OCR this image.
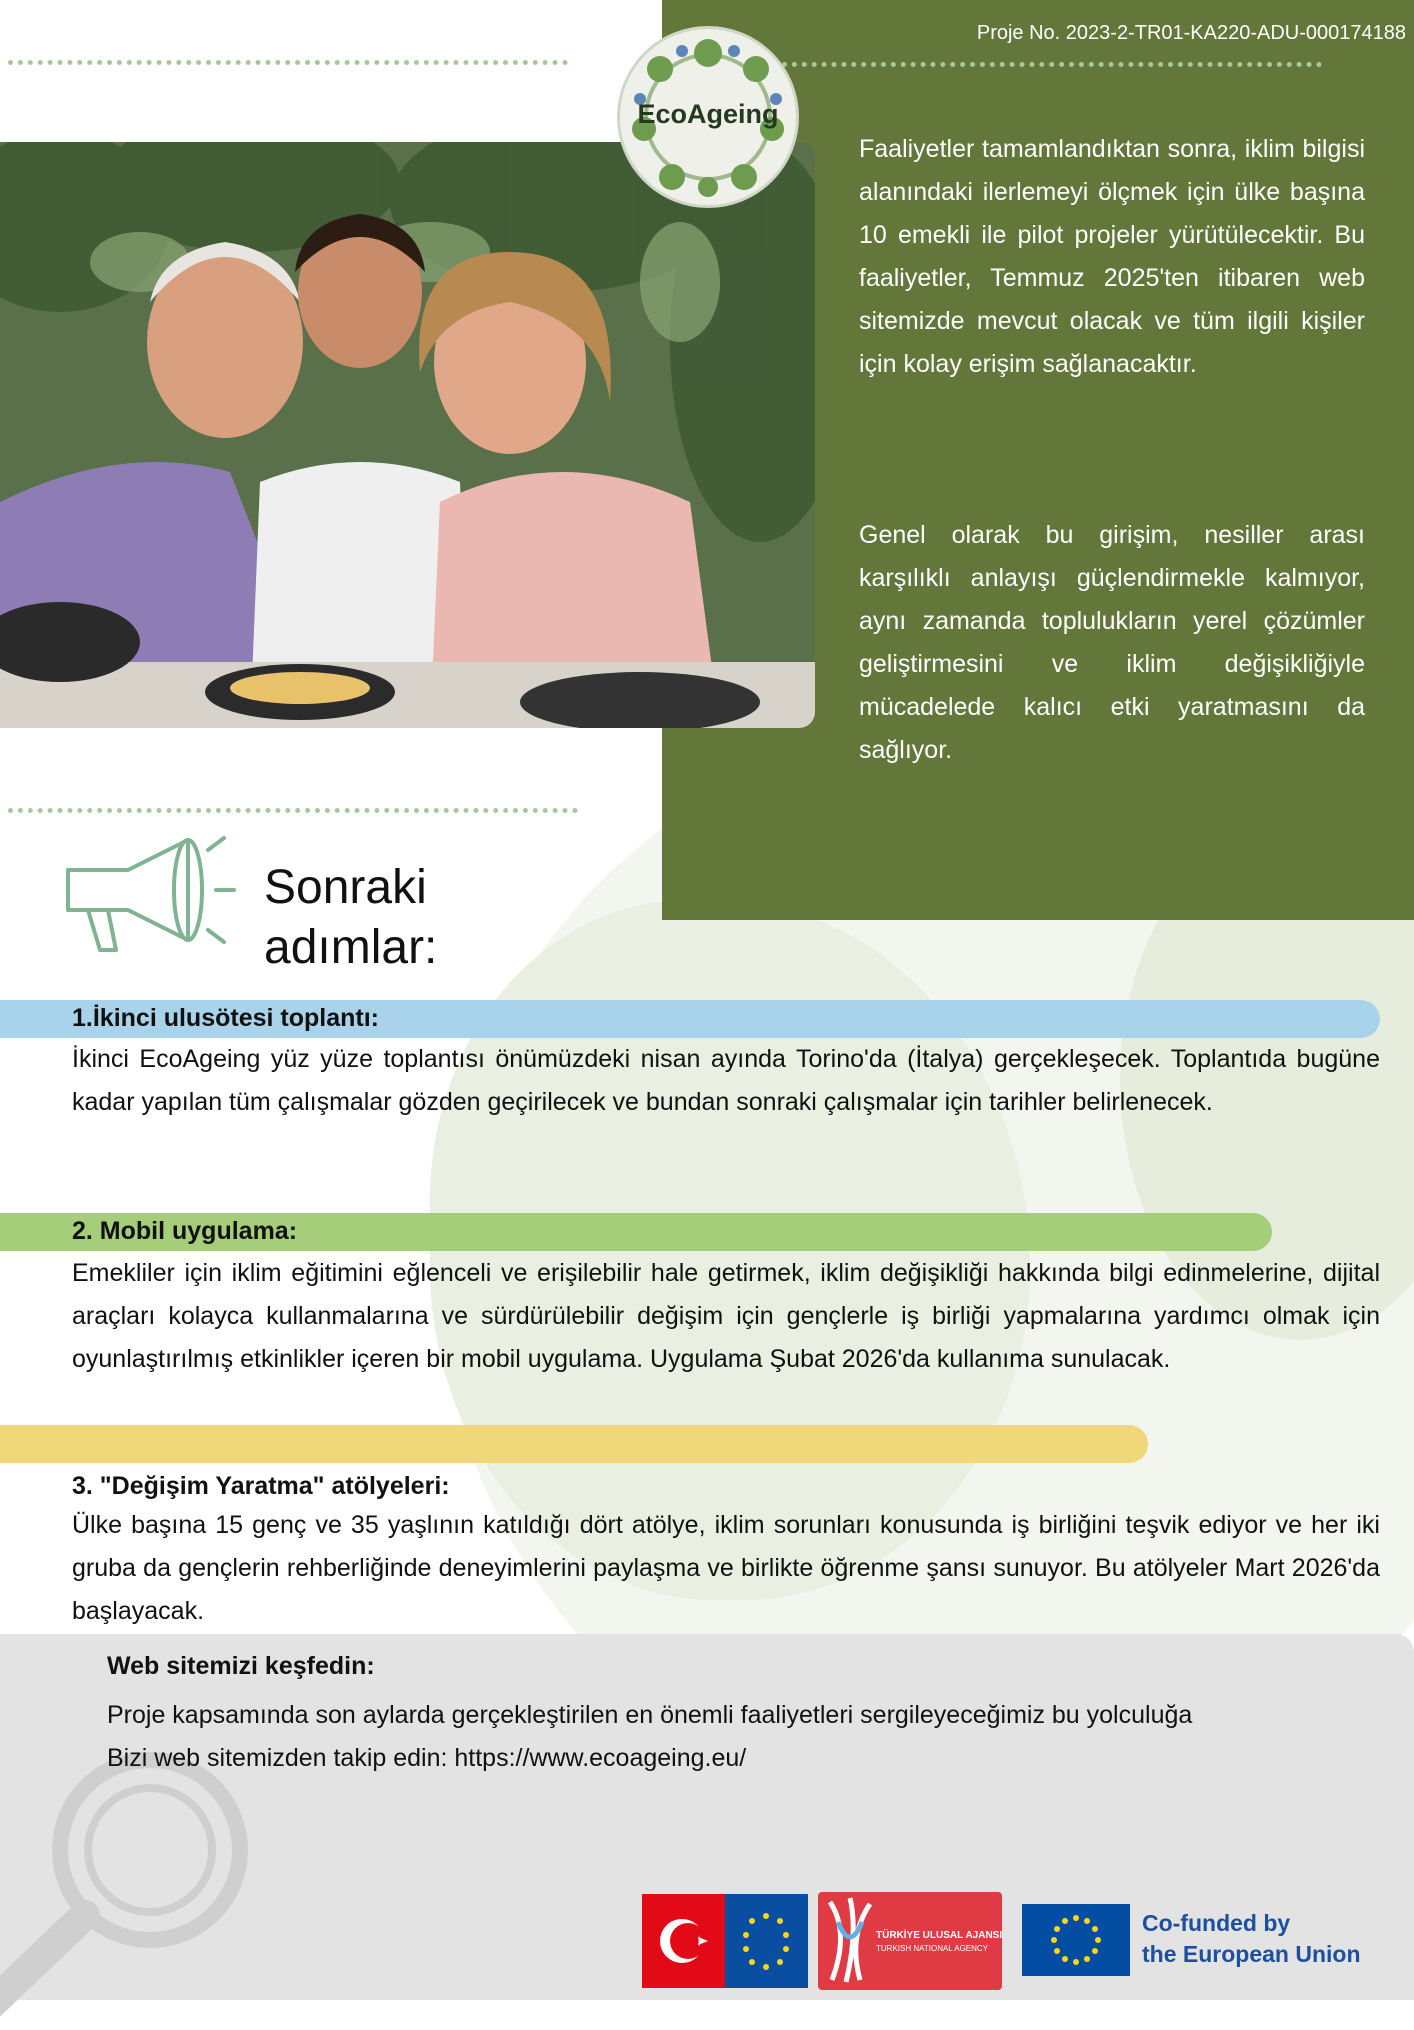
Proje No. 2023-2-TR01-KA220-ADU-000174188
EcoAgeing

Faaliyetler tamamlandıktan sonra, iklim bilgisi alanındaki ilerlemeyi ölçmek için ülke başına 10 emekli ile pilot projeler yürütülecektir. Bu faaliyetler, Temmuz 2025'ten itibaren web sitemizde mevcut olacak ve tüm ilgili kişiler için kolay erişim sağlanacaktır.

Genel olarak bu girişim, nesiller arası karşılıklı anlayışı güçlendirmekle kalmıyor, aynı zamanda toplulukların yerel çözümler geliştirmesini ve iklim değişikliğiyle mücadelede kalıcı etki yaratmasını da sağlıyor.

Sonraki adımlar:
1.İkinci ulusötesi toplantı:

İkinci EcoAgeing yüz yüze toplantısı önümüzdeki nisan ayında Torino'da (İtalya) gerçekleşecek. Toplantıda bugüne kadar yapılan tüm çalışmalar gözden geçirilecek ve bundan sonraki çalışmalar için tarihler belirlenecek.

2. Mobil uygulama:

Emekliler için iklim eğitimini eğlenceli ve erişilebilir hale getirmek, iklim değişikliği hakkında bilgi edinmelerine, dijital araçları kolayca kullanmalarına ve sürdürülebilir değişim için gençlerle iş birliği yapmalarına yardımcı olmak için oyunlaştırılmış etkinlikler içeren bir mobil uygulama. Uygulama Şubat 2026'da kullanıma sunulacak.

3. "Değişim Yaratma" atölyeleri:

Ülke başına 15 genç ve 35 yaşlının katıldığı dört atölye, iklim sorunları konusunda iş birliğini teşvik ediyor ve her iki gruba da gençlerin rehberliğinde deneyimlerini paylaşma ve birlikte öğrenme şansı sunuyor. Bu atölyeler Mart 2026'da başlayacak.

Web sitemizi keşfedin:

Proje kapsamında son aylarda gerçekleştirilen en önemli faaliyetleri sergileyeceğimiz bu yolculuğa
Bizi web sitemizden takip edin: https://www.ecoageing.eu/

TÜRKİYE ULUSAL AJANSI
TURKISH NATIONAL AGENCY
Co-funded by
the European Union
